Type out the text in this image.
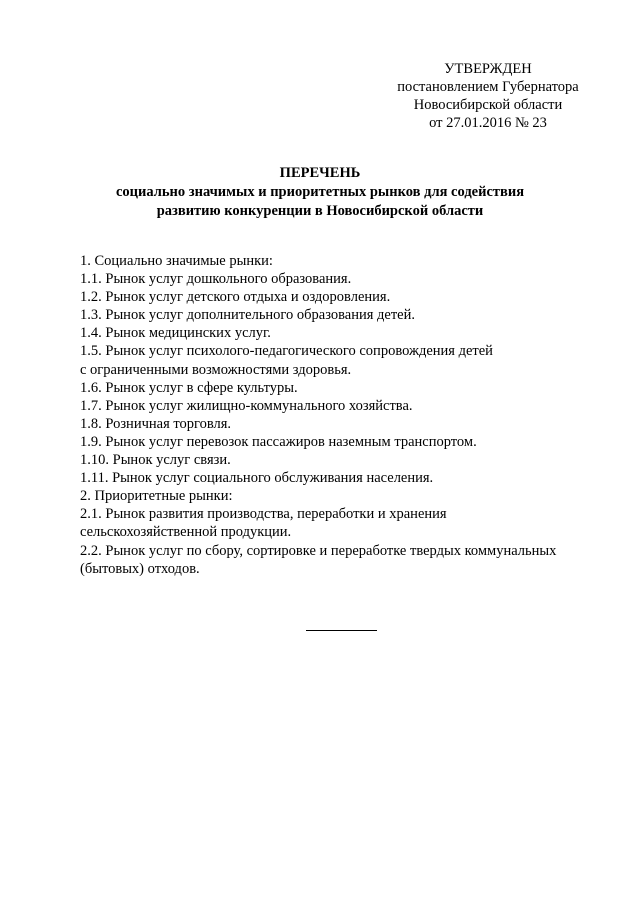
УТВЕРЖДЕН
постановлением Губернатора
Новосибирской области
от 27.01.2016 № 23
ПЕРЕЧЕНЬ
социально значимых и приоритетных рынков для содействия
развитию конкуренции в Новосибирской области
1. Социально значимые рынки:
1.1. Рынок услуг дошкольного образования.
1.2. Рынок услуг детского отдыха и оздоровления.
1.3. Рынок услуг дополнительного образования детей.
1.4. Рынок медицинских услуг.
1.5. Рынок услуг психолого-педагогического сопровождения детей
с ограниченными возможностями здоровья.
1.6. Рынок услуг в сфере культуры.
1.7. Рынок услуг жилищно-коммунального хозяйства.
1.8. Розничная торговля.
1.9. Рынок услуг перевозок пассажиров наземным транспортом.
1.10. Рынок услуг связи.
1.11. Рынок услуг социального обслуживания населения.
2. Приоритетные рынки:
2.1. Рынок развития производства, переработки и хранения
сельскохозяйственной продукции.
2.2. Рынок услуг по сбору, сортировке и переработке твердых коммунальных
(бытовых) отходов.
